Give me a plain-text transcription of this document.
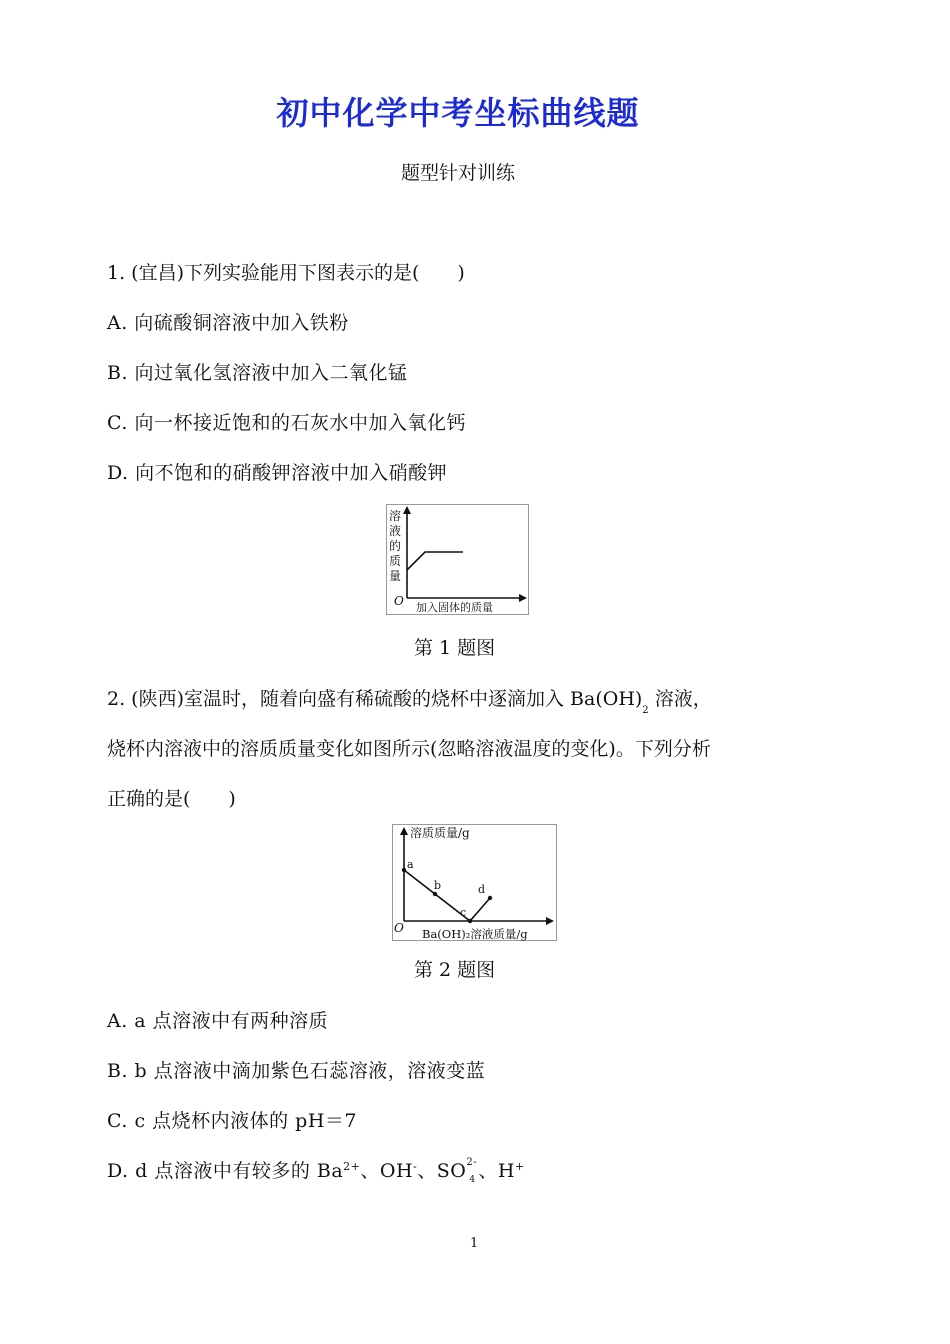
初中化学中考坐标曲线题
题型针对训练
1. (宜昌)下列实验能用下图表示的是(　　)
A. 向硫酸铜溶液中加入铁粉
B. 向过氧化氢溶液中加入二氧化锰
C. 向一杯接近饱和的石灰水中加入氧化钙
D. 向不饱和的硝酸钾溶液中加入硝酸钾
溶
液
的
质
量
O 加入固体的质量
第 1 题图
2. (陕西)室温时，随着向盛有稀硫酸的烧杯中逐滴加入 $Ba(OH)_2$ 溶液，
烧杯内溶液中的溶质质量变化如图所示(忽略溶液温度的变化)。下列分析
正确的是(　　)
溶质质量/g
O Ba(OH)₂溶液质量/g
a
b
c
d
第 2 题图
A. a 点溶液中有两种溶质
B. b 点溶液中滴加紫色石蕊溶液，溶液变蓝
C. c 点烧杯内液体的 pH＝7
D. d 点溶液中有较多的 $Ba^{2+}$、OH-、SO 2-
4 、H+
1
